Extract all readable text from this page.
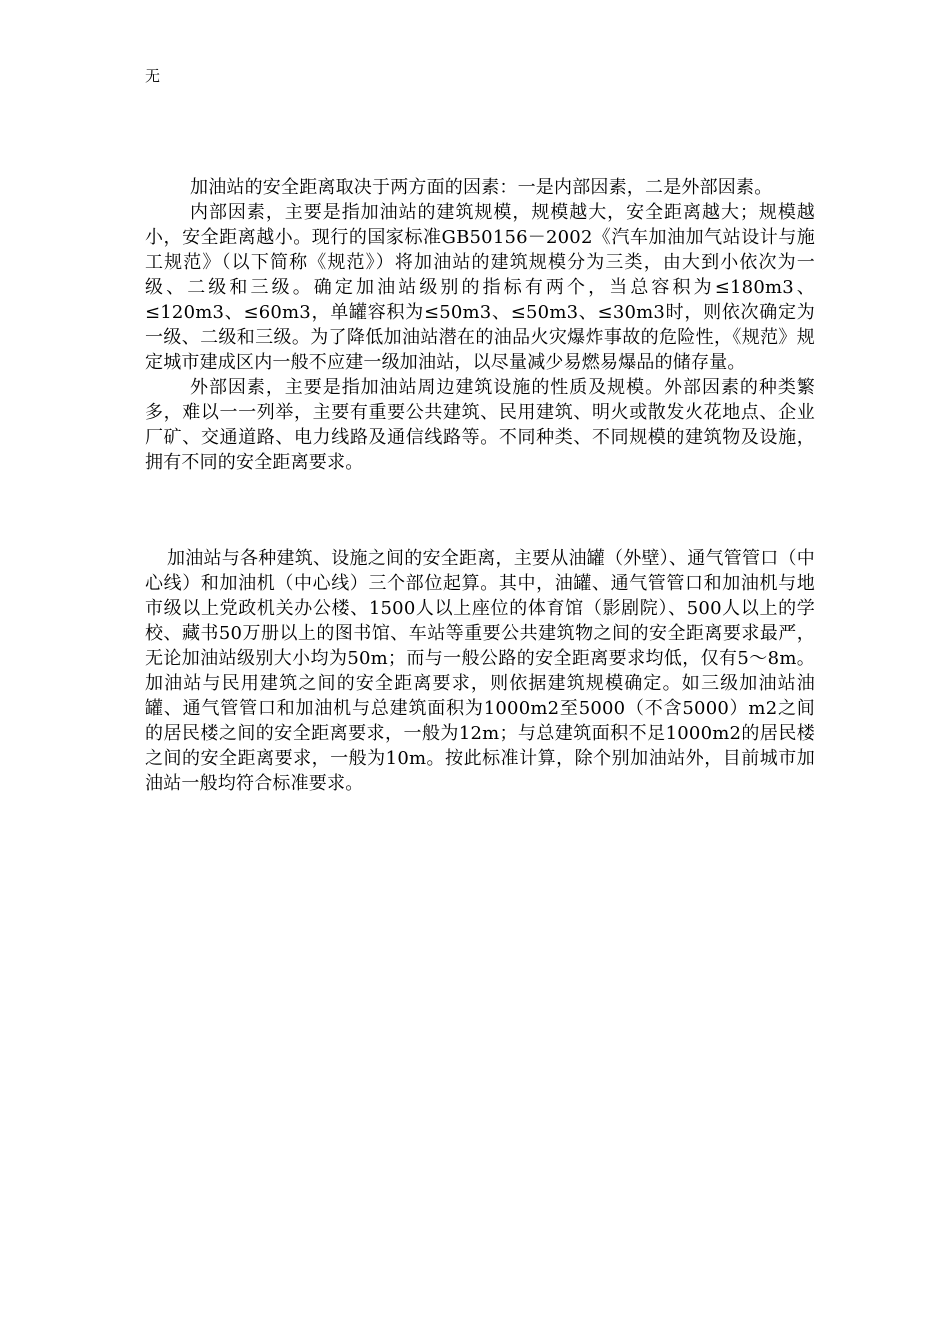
无

加油站的安全距离取决于两方面的因素：一是内部因素，二是外部因素。

内部因素，主要是指加油站的建筑规模，规模越大，安全距离越大；规模越小，安全距离越小。现行的国家标准GB50156－2002《汽车加油加气站设计与施工规范》（以下简称《规范》）将加油站的建筑规模分为三类，由大到小依次为一级、二级和三级。确定加油站级别的指标有两个，当总容积为≤180m3、≤120m3、≤60m3，单罐容积为≤50m3、≤50m3、≤30m3时，则依次确定为一级、二级和三级。为了降低加油站潜在的油品火灾爆炸事故的危险性，《规范》规定城市建成区内一般不应建一级加油站，以尽量减少易燃易爆品的储存量。

外部因素，主要是指加油站周边建筑设施的性质及规模。外部因素的种类繁多，难以一一列举，主要有重要公共建筑、民用建筑、明火或散发火花地点、企业厂矿、交通道路、电力线路及通信线路等。不同种类、不同规模的建筑物及设施，拥有不同的安全距离要求。

加油站与各种建筑、设施之间的安全距离，主要从油罐（外壁）、通气管管口（中心线）和加油机（中心线）三个部位起算。其中，油罐、通气管管口和加油机与地市级以上党政机关办公楼、1500人以上座位的体育馆（影剧院）、500人以上的学校、藏书50万册以上的图书馆、车站等重要公共建筑物之间的安全距离要求最严，无论加油站级别大小均为50m；而与一般公路的安全距离要求均低，仅有5～8m。加油站与民用建筑之间的安全距离要求，则依据建筑规模确定。如三级加油站油罐、通气管管口和加油机与总建筑面积为1000m2至5000（不含5000）m2之间的居民楼之间的安全距离要求，一般为12m；与总建筑面积不足1000m2的居民楼之间的安全距离要求，一般为10m。按此标准计算，除个别加油站外，目前城市加油站一般均符合标准要求。
